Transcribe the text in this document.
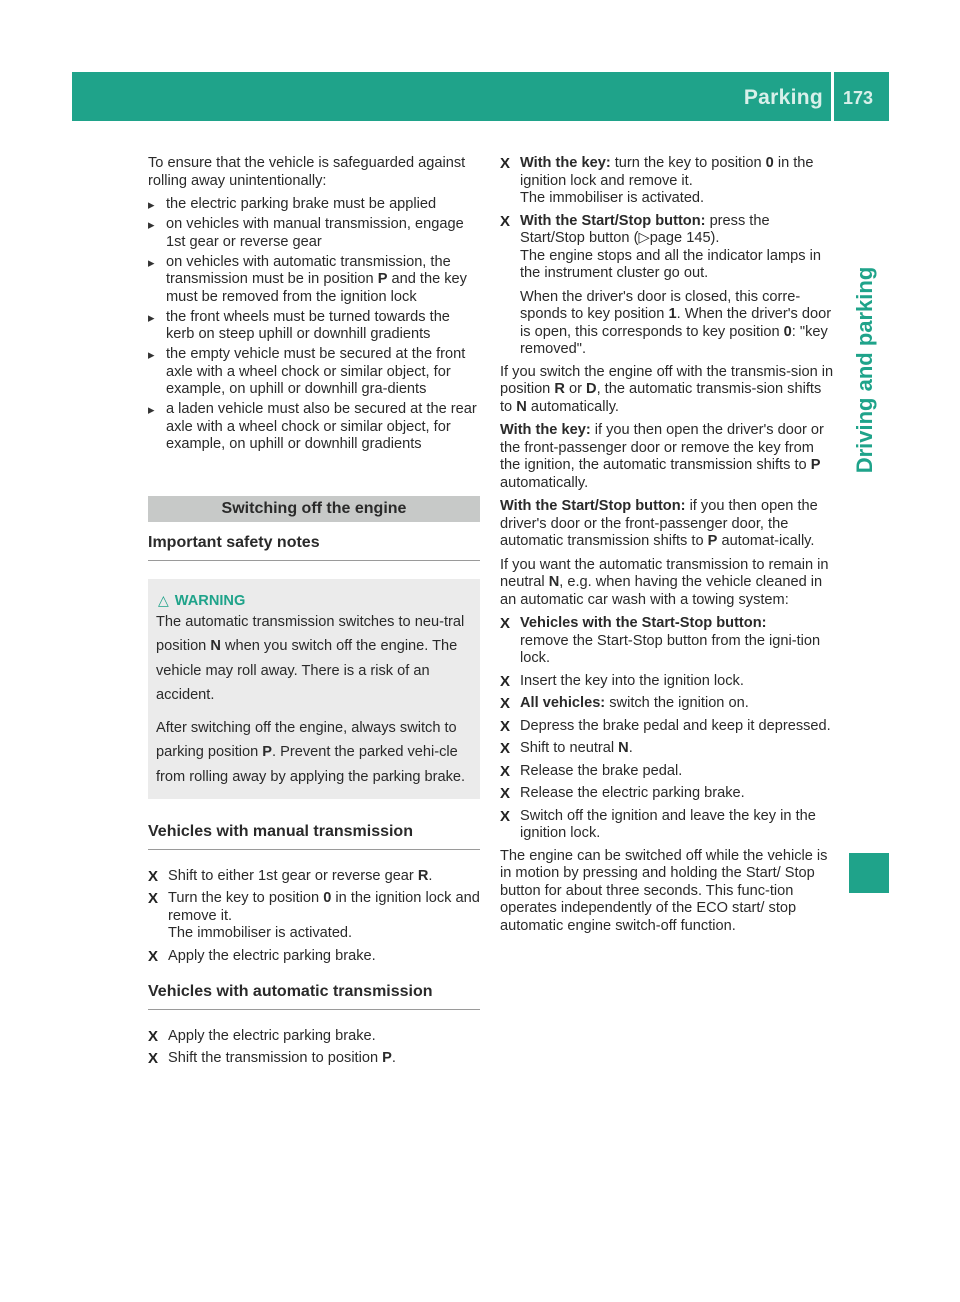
Parking 173
Driving and parking

To ensure that the vehicle is safeguarded against rolling away unintentionally:

▸ the electric parking brake must be applied
▸ on vehicles with manual transmission, engage 1st gear or reverse gear
▸ on vehicles with automatic transmission, the transmission must be in position P and the key must be removed from the ignition lock
▸ the front wheels must be turned towards the kerb on steep uphill or downhill gradients
▸ the empty vehicle must be secured at the front axle with a wheel chock or similar object, for example, on uphill or downhill gra-dients
▸ a laden vehicle must also be secured at the rear axle with a wheel chock or similar object, for example, on uphill or downhill gradients
Switching off the engine
Important safety notes
△ WARNING

The automatic transmission switches to neu-tral position N when you switch off the engine. The vehicle may roll away. There is a risk of an accident.

After switching off the engine, always switch to parking position P. Prevent the parked vehi-cle from rolling away by applying the parking brake.

Vehicles with manual transmission
X Shift to either 1st gear or reverse gear R.
X Turn the key to position 0 in the ignition lock and remove it.
The immobiliser is activated.
X Apply the electric parking brake.
Vehicles with automatic transmission
X Apply the electric parking brake.
X Shift the transmission to position P.
X With the key: turn the key to position 0 in the ignition lock and remove it.
The immobiliser is activated.
X With the Start/Stop button: press the Start/Stop button (▷page 145).
The engine stops and all the indicator lamps in the instrument cluster go out.
When the driver's door is closed, this corre-sponds to key position 1. When the driver's door is open, this corresponds to key position 0: "key removed".

If you switch the engine off with the transmis-sion in position R or D, the automatic transmis-sion shifts to N automatically.

With the key: if you then open the driver's door or the front-passenger door or remove the key from the ignition, the automatic transmission shifts to P automatically.

With the Start/Stop button: if you then open the driver's door or the front-passenger door, the automatic transmission shifts to P automat-ically.

If you want the automatic transmission to remain in neutral N, e.g. when having the vehicle cleaned in an automatic car wash with a towing system:

X Vehicles with the Start-Stop button:
remove the Start-Stop button from the igni-tion lock.
X Insert the key into the ignition lock.
X All vehicles: switch the ignition on.
X Depress the brake pedal and keep it depressed.
X Shift to neutral N.
X Release the brake pedal.
X Release the electric parking brake.
X Switch off the ignition and leave the key in the ignition lock.

The engine can be switched off while the vehicle is in motion by pressing and holding the Start/ Stop button for about three seconds. This func-tion operates independently of the ECO start/ stop automatic engine switch-off function.
